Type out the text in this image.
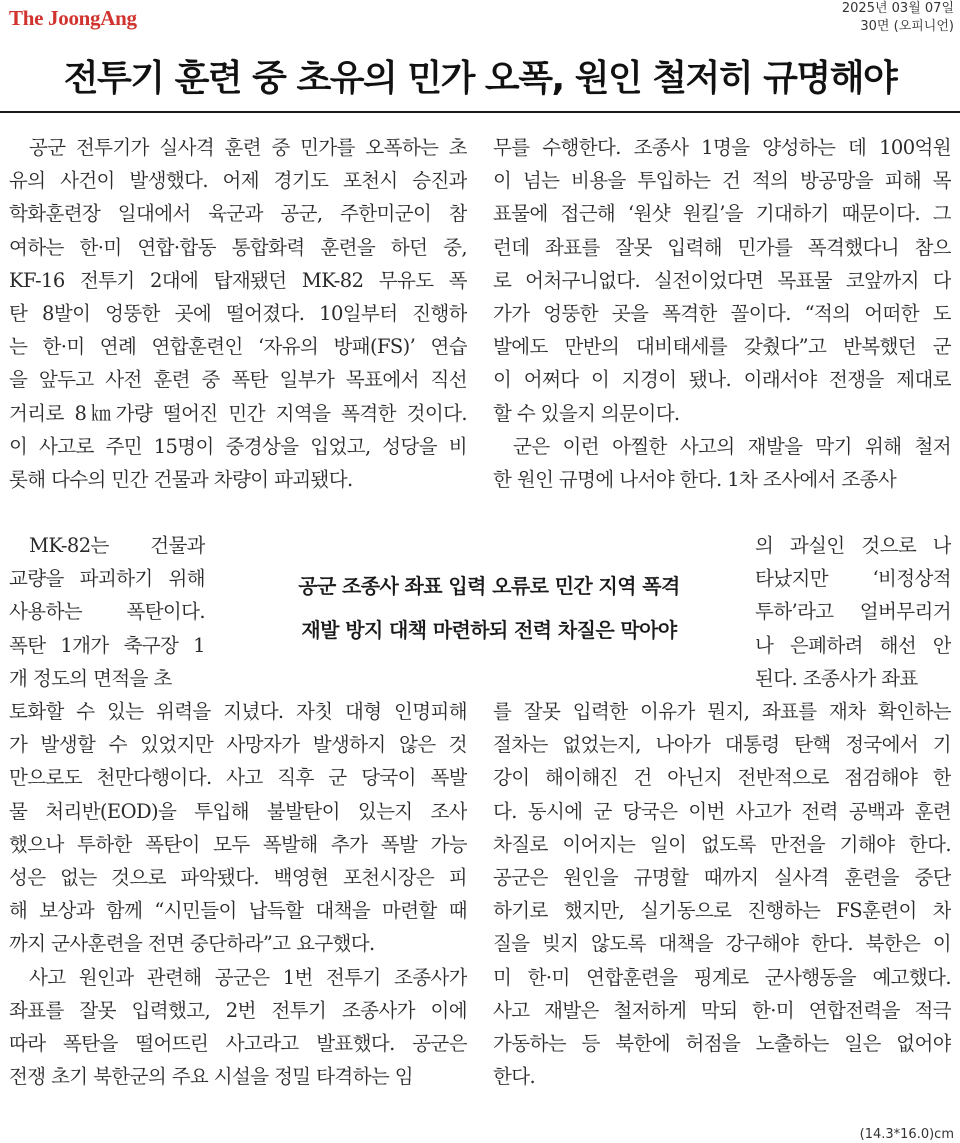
The JoongAng	2025년 03월 07일
30면 (오피니언)
전투기 훈련 중 초유의 민가 오폭, 원인 철저히 규명해야
공군 조종사 좌표 입력 오류로 민간 지역 폭격
재발 방지 대책 마련하되 전력 차질은 막아야
공군 전투기가 실사격 훈련 중 민가를 오폭하는 초
유의 사건이 발생했다. 어제 경기도 포천시 승진과
학화훈련장 일대에서 육군과 공군, 주한미군이 참
여하는 한·미 연합·합동 통합화력 훈련을 하던 중,
KF-16 전투기 2대에 탑재됐던 MK-82 무유도 폭
탄 8발이 엉뚱한 곳에 떨어졌다. 10일부터 진행하
는 한·미 연례 연합훈련인 ‘자유의 방패(FS)’ 연습
을 앞두고 사전 훈련 중 폭탄 일부가 목표에서 직선
거리로 8㎞가량 떨어진 민간 지역을 폭격한 것이다.
이 사고로 주민 15명이 중경상을 입었고, 성당을 비
롯해 다수의 민간 건물과 차량이 파괴됐다.
MK-82는 건물과
교량을 파괴하기 위해
사용하는 폭탄이다.
폭탄 1개가 축구장 1
개 정도의 면적을 초
토화할 수 있는 위력을 지녔다. 자칫 대형 인명피해
가 발생할 수 있었지만 사망자가 발생하지 않은 것
만으로도 천만다행이다. 사고 직후 군 당국이 폭발
물 처리반(EOD)을 투입해 불발탄이 있는지 조사
했으나 투하한 폭탄이 모두 폭발해 추가 폭발 가능
성은 없는 것으로 파악됐다. 백영현 포천시장은 피
해 보상과 함께 “시민들이 납득할 대책을 마련할 때
까지 군사훈련을 전면 중단하라”고 요구했다.
사고 원인과 관련해 공군은 1번 전투기 조종사가
좌표를 잘못 입력했고, 2번 전투기 조종사가 이에
따라 폭탄을 떨어뜨린 사고라고 발표했다. 공군은
전쟁 초기 북한군의 주요 시설을 정밀 타격하는 임
무를 수행한다. 조종사 1명을 양성하는 데 100억원
이 넘는 비용을 투입하는 건 적의 방공망을 피해 목
표물에 접근해 ‘원샷 원킬’을 기대하기 때문이다. 그
런데 좌표를 잘못 입력해 민가를 폭격했다니 참으
로 어처구니없다. 실전이었다면 목표물 코앞까지 다
가가 엉뚱한 곳을 폭격한 꼴이다. “적의 어떠한 도
발에도 만반의 대비태세를 갖췄다”고 반복했던 군
이 어쩌다 이 지경이 됐나. 이래서야 전쟁을 제대로
할 수 있을지 의문이다.
군은 이런 아찔한 사고의 재발을 막기 위해 철저
한 원인 규명에 나서야 한다. 1차 조사에서 조종사
의 과실인 것으로 나
타났지만 ‘비정상적
투하’라고 얼버무리거
나 은폐하려 해선 안
된다. 조종사가 좌표
를 잘못 입력한 이유가 뭔지, 좌표를 재차 확인하는
절차는 없었는지, 나아가 대통령 탄핵 정국에서 기
강이 해이해진 건 아닌지 전반적으로 점검해야 한
다. 동시에 군 당국은 이번 사고가 전력 공백과 훈련
차질로 이어지는 일이 없도록 만전을 기해야 한다.
공군은 원인을 규명할 때까지 실사격 훈련을 중단
하기로 했지만, 실기동으로 진행하는 FS훈련이 차
질을 빚지 않도록 대책을 강구해야 한다. 북한은 이
미 한·미 연합훈련을 핑계로 군사행동을 예고했다.
사고 재발은 철저하게 막되 한·미 연합전력을 적극
가동하는 등 북한에 허점을 노출하는 일은 없어야
한다.
(14.3*16.0)cm
